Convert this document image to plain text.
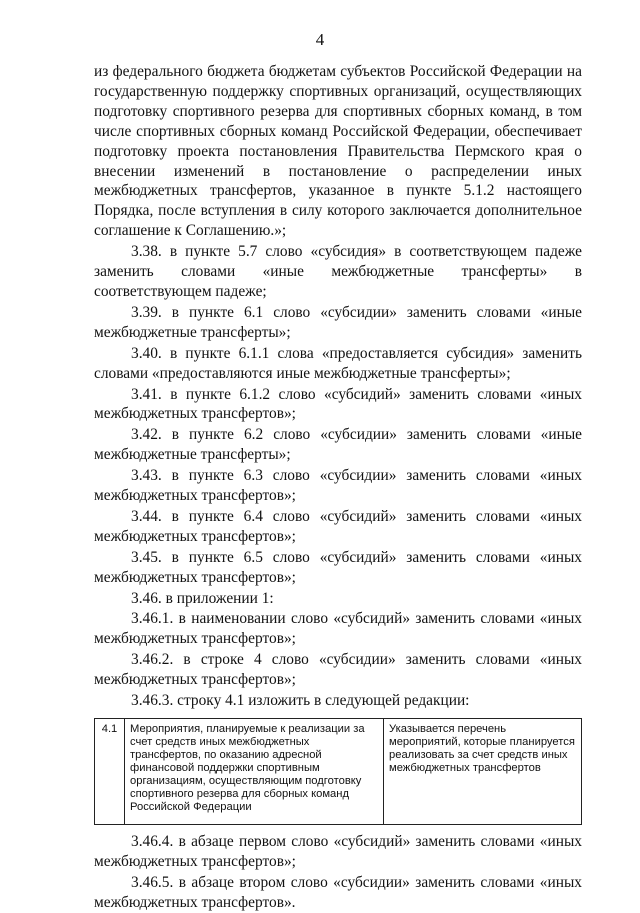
4

из федерального бюджета бюджетам субъектов Российской Федерации на государственную поддержку спортивных организаций, осуществляющих подготовку спортивного резерва для спортивных сборных команд, в том числе спортивных сборных команд Российской Федерации, обеспечивает подготовку проекта постановления Правительства Пермского края о внесении изменений в постановление о распределении иных межбюджетных трансфертов, указанное в пункте 5.1.2 настоящего Порядка, после вступления в силу которого заключается дополнительное соглашение к Соглашению.»;

3.38. в пункте 5.7 слово «субсидия» в соответствующем падеже заменить словами «иные межбюджетные трансферты» в соответствующем падеже;

3.39. в пункте 6.1 слово «субсидии» заменить словами «иные межбюджетные трансферты»;

3.40. в пункте 6.1.1 слова «предоставляется субсидия» заменить словами «предоставляются иные межбюджетные трансферты»;

3.41. в пункте 6.1.2 слово «субсидий» заменить словами «иных межбюджетных трансфертов»;

3.42. в пункте 6.2 слово «субсидии» заменить словами «иные межбюджетные трансферты»;

3.43. в пункте 6.3 слово «субсидии» заменить словами «иных межбюджетных трансфертов»;

3.44. в пункте 6.4 слово «субсидий» заменить словами «иных межбюджетных трансфертов»;

3.45. в пункте 6.5 слово «субсидий» заменить словами «иных межбюджетных трансфертов»;

3.46. в приложении 1:

3.46.1. в наименовании слово «субсидий» заменить словами «иных межбюджетных трансфертов»;

3.46.2. в строке 4 слово «субсидии» заменить словами «иных межбюджетных трансфертов»;

3.46.3. строку 4.1 изложить в следующей редакции:

4.1	Мероприятия, планируемые к реализации за счет средств иных межбюджетных трансфертов, по оказанию адресной финансовой поддержки спортивным организациям, осуществляющим подготовку спортивного резерва для сборных команд Российской Федерации	Указывается перечень мероприятий, которые планируется реализовать за счет средств иных межбюджетных трансфертов

3.46.4. в абзаце первом слово «субсидий» заменить словами «иных межбюджетных трансфертов»;

3.46.5. в абзаце втором слово «субсидии» заменить словами «иных межбюджетных трансфертов».
